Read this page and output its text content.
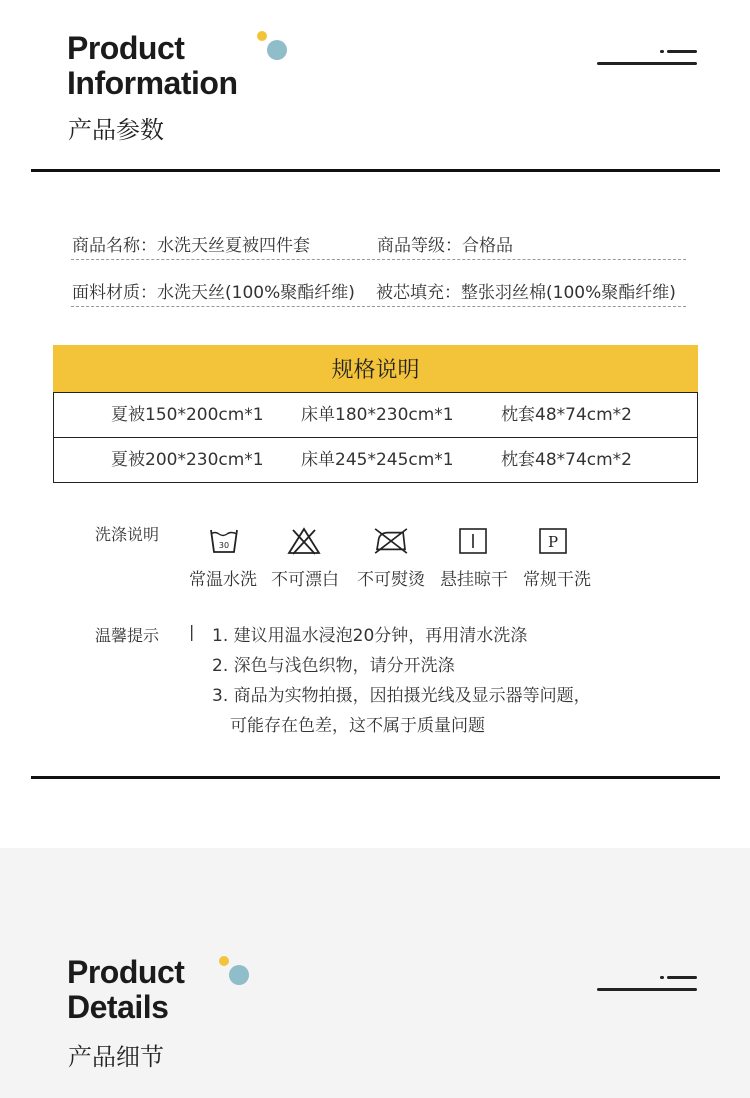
Product
Information
产品参数
商品名称：水洗天丝夏被四件套	商品等级：合格品
面料材质：水洗天丝(100%聚酯纤维) 被芯填充：整张羽丝棉(100%聚酯纤维)
规格说明
夏被150*200cm*1 床单180*230cm*1	枕套48*74cm*2
夏被200*230cm*1 床单245*245cm*1	枕套48*74cm*2
洗涤说明
30	P
常温水洗 不可漂白 不可熨烫 悬挂晾干 常规干洗
温馨提示 | 1. 建议用温水浸泡20分钟，再用清水洗涤
2. 深色与浅色织物，请分开洗涤
3. 商品为实物拍摄，因拍摄光线及显示器等问题，
可能存在色差，这不属于质量问题
Product
Details
产品细节
